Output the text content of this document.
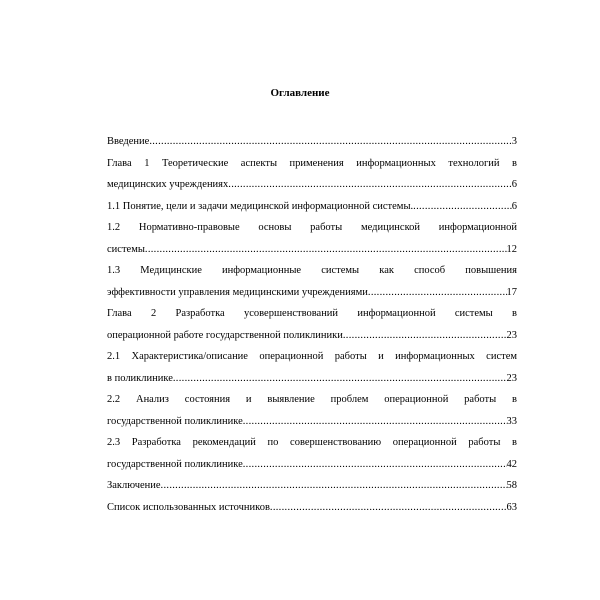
Оглавление
Введение .....	3
Глава 1 Теоретические аспекты применения информационных технологий в
медицинских учреждениях .....	6
1.1 Понятие, цели и задачи медицинской информационной системы. .....	6
1.2 Нормативно-правовые основы работы медицинской информационной
системы .....	12
1.3 Медицинские информационные системы как способ повышения
эффективности управления медицинскими учреждениями .....	17
Глава 2 Разработка усовершенствований информационной системы в
операционной работе государственной поликлиники .....	23
2.1 Характеристика/описание операционной работы и информационных систем
в поликлинике .....	23
2.2 Анализ состояния и выявление проблем операционной работы в
государственной поликлинике .....	33
2.3 Разработка рекомендаций по совершенствованию операционной работы в
государственной поликлинике .....	42
Заключение .....	58
Список использованных источников .....	63
